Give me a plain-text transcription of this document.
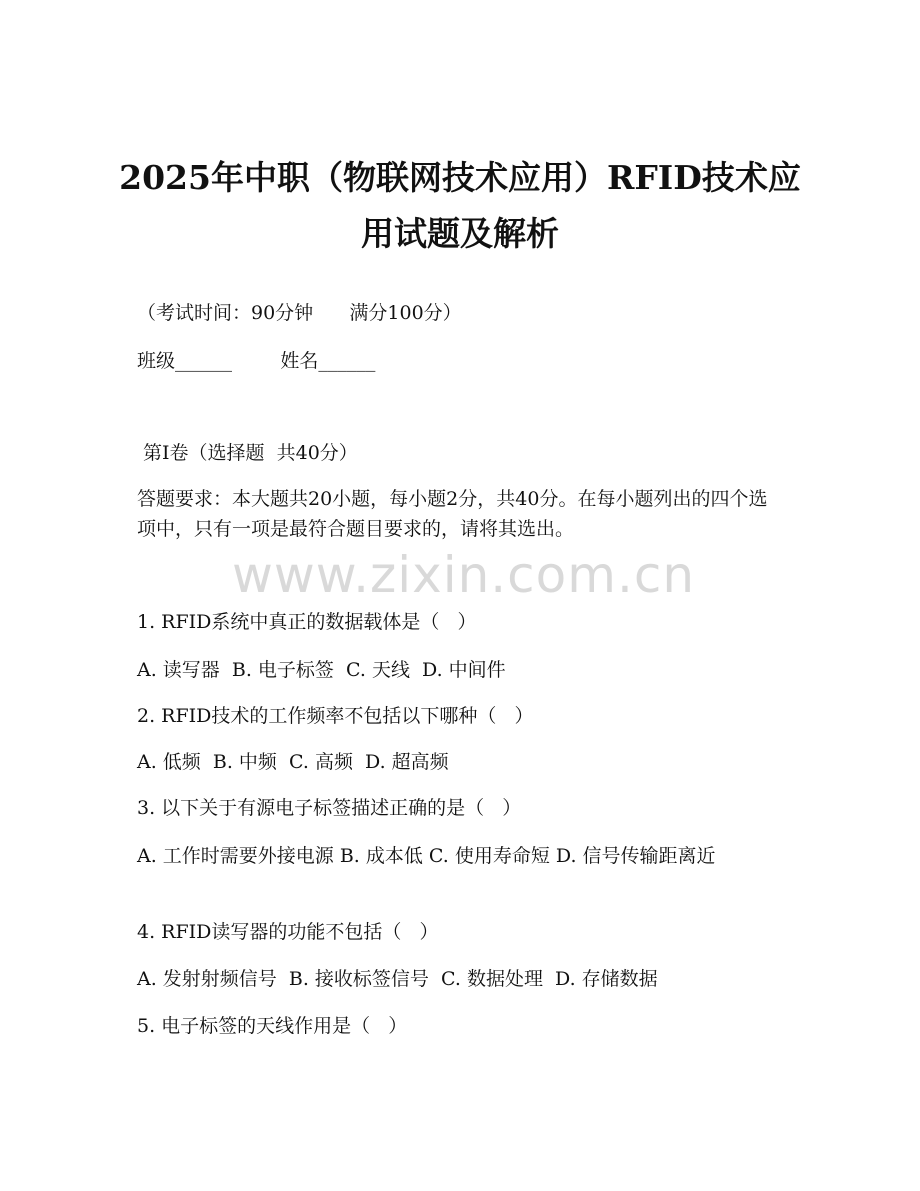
2025年中职（物联网技术应用）RFID技术应用试题及解析
（考试时间：90分钟      满分100分）
班级______        姓名______
第Ⅰ卷（选择题  共40分）
答题要求：本大题共20小题，每小题2分，共40分。在每小题列出的四个选项中，只有一项是最符合题目要求的，请将其选出。
www.zixin.com.cn
1. RFID系统中真正的数据载体是（   ）
A. 读写器  B. 电子标签  C. 天线  D. 中间件
2. RFID技术的工作频率不包括以下哪种（   ）
A. 低频  B. 中频  C. 高频  D. 超高频
3. 以下关于有源电子标签描述正确的是（   ）
A. 工作时需要外接电源 B. 成本低 C. 使用寿命短 D. 信号传输距离近
4. RFID读写器的功能不包括（   ）
A. 发射射频信号  B. 接收标签信号  C. 数据处理  D. 存储数据
5. 电子标签的天线作用是（   ）
